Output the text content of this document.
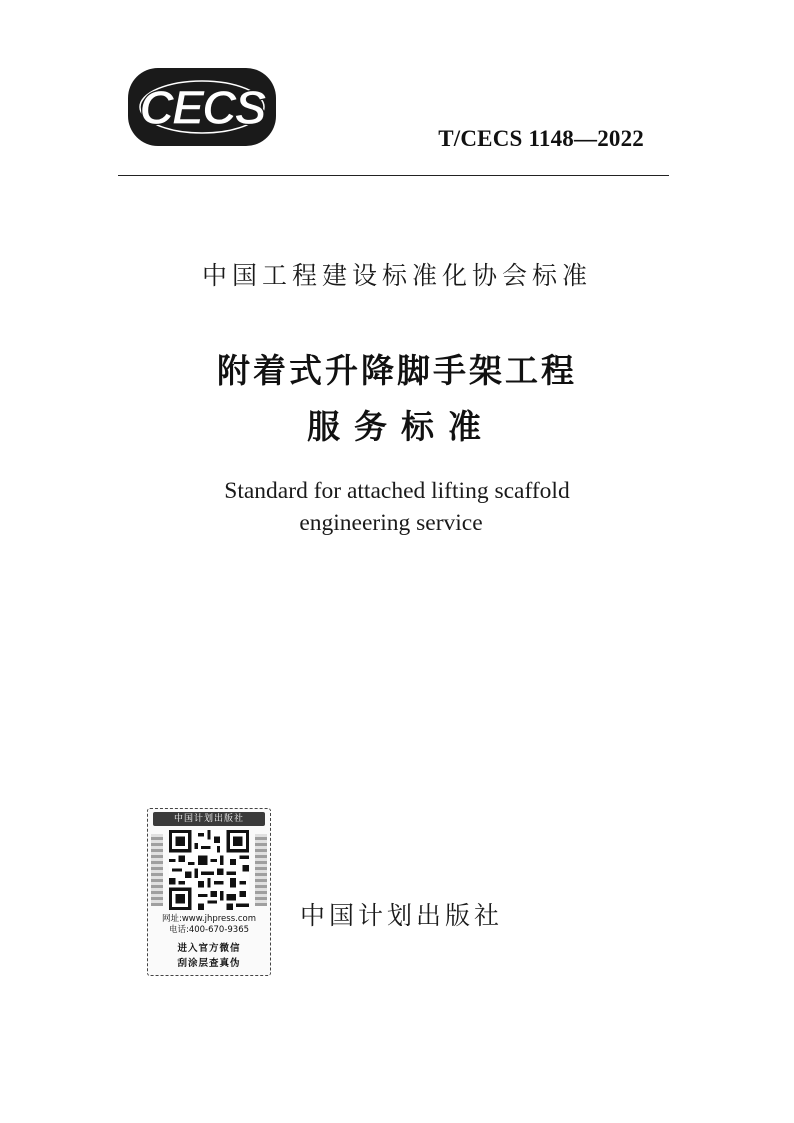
CECS
T/CECS 1148—2022
中国工程建设标准化协会标准
附着式升降脚手架工程
服务标准
Standard for attached lifting scaffold
engineering service
中国计划出版社
网址:www.jhpress.com
电话:400-670-9365
进入官方微信
刮涂层查真伪
中国计划出版社
